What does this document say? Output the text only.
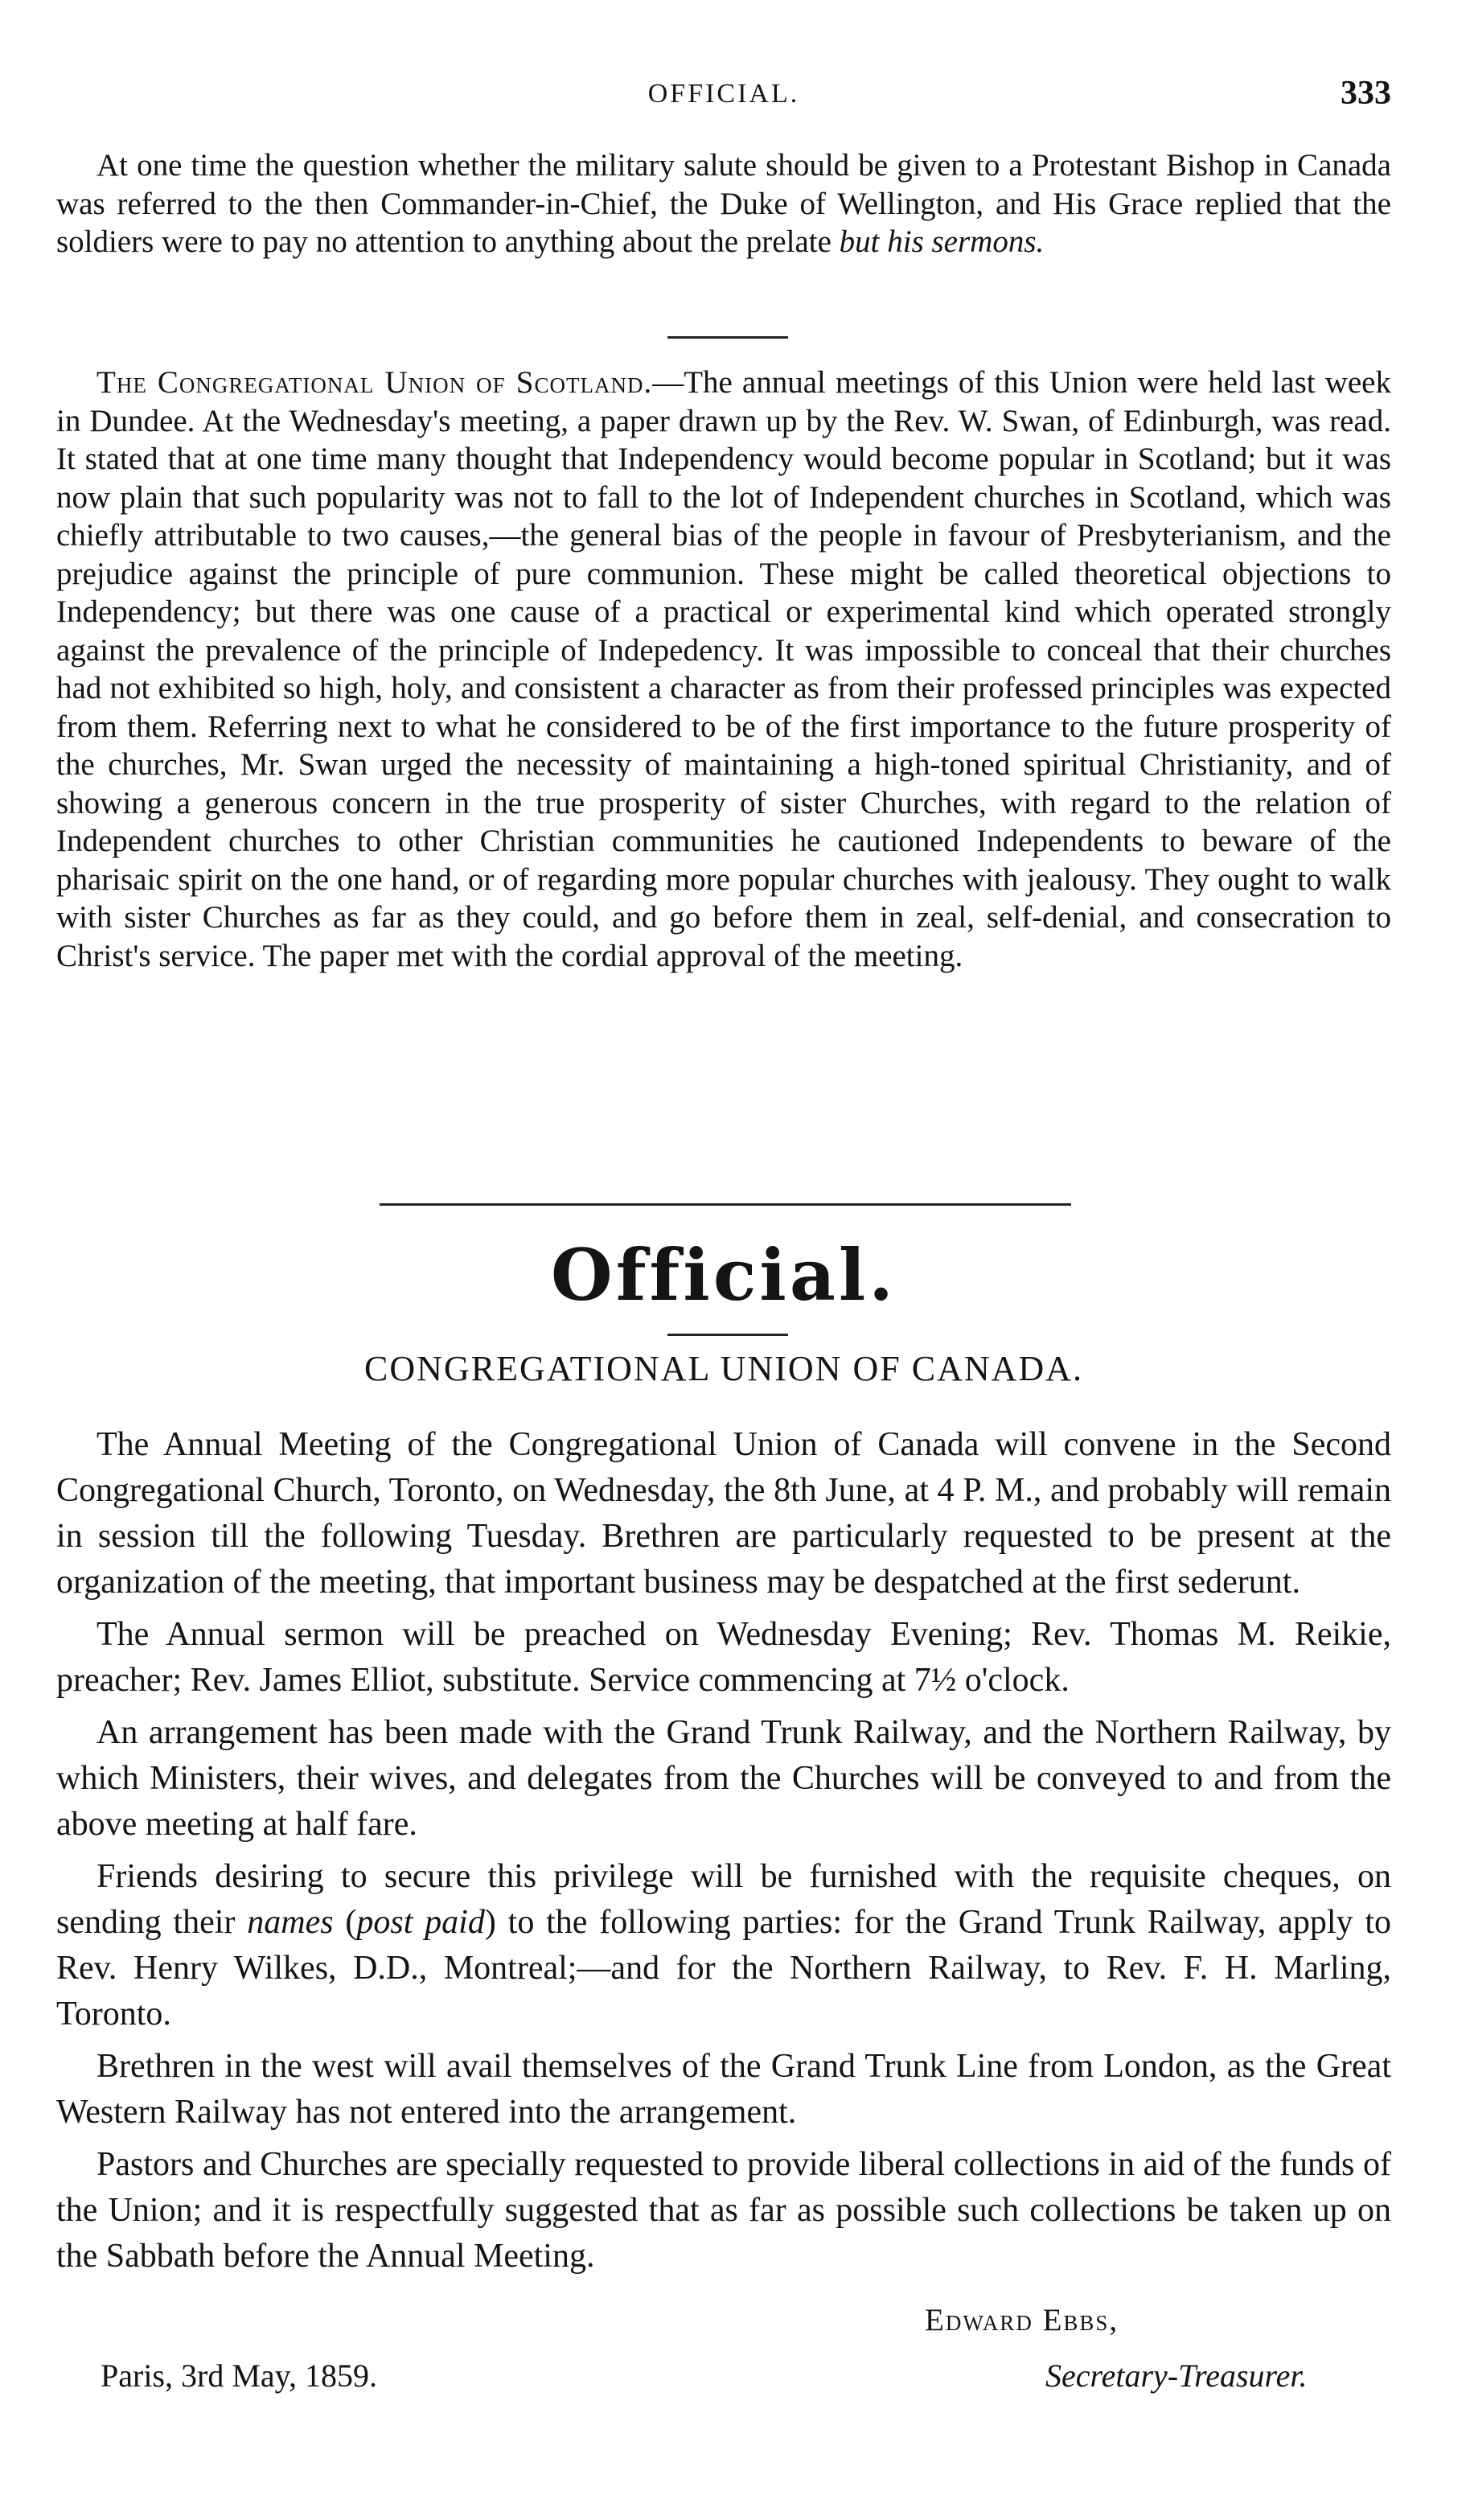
OFFICIAL.	333

At one time the question whether the military salute should be given to a Protestant Bishop in Canada was referred to the then Commander-in-Chief, the Duke of Wellington, and His Grace replied that the soldiers were to pay no attention to anything about the prelate but his sermons.

The Congregational Union of Scotland.—The annual meetings of this Union were held last week in Dundee. At the Wednesday's meeting, a paper drawn up by the Rev. W. Swan, of Edinburgh, was read. It stated that at one time many thought that Independency would become popular in Scotland; but it was now plain that such popularity was not to fall to the lot of Independent churches in Scotland, which was chiefly attributable to two causes,—the general bias of the people in favour of Presbyterianism, and the prejudice against the principle of pure communion. These might be called theoretical objections to Independency; but there was one cause of a practical or experimental kind which operated strongly against the prevalence of the principle of Indepedency. It was impossible to conceal that their churches had not exhibited so high, holy, and consistent a character as from their professed principles was expected from them. Referring next to what he considered to be of the first importance to the future prosperity of the churches, Mr. Swan urged the necessity of maintaining a high-toned spiritual Christianity, and of showing a generous concern in the true prosperity of sister Churches, with regard to the relation of Independent churches to other Christian communities he cautioned Independents to beware of the pharisaic spirit on the one hand, or of regarding more popular churches with jealousy. They ought to walk with sister Churches as far as they could, and go before them in zeal, self-denial, and consecration to Christ's service. The paper met with the cordial approval of the meeting.

Official.
CONGREGATIONAL UNION OF CANADA.

The Annual Meeting of the Congregational Union of Canada will convene in the Second Congregational Church, Toronto, on Wednesday, the 8th June, at 4 P. M., and probably will remain in session till the following Tuesday. Brethren are particularly requested to be present at the organization of the meeting, that important business may be despatched at the first sederunt.

The Annual sermon will be preached on Wednesday Evening; Rev. Thomas M. Reikie, preacher; Rev. James Elliot, substitute. Service commencing at 7½ o'clock.

An arrangement has been made with the Grand Trunk Railway, and the Northern Railway, by which Ministers, their wives, and delegates from the Churches will be conveyed to and from the above meeting at half fare.

Friends desiring to secure this privilege will be furnished with the requisite cheques, on sending their names (post paid) to the following parties: for the Grand Trunk Railway, apply to Rev. Henry Wilkes, D.D., Montreal;—and for the Northern Railway, to Rev. F. H. Marling, Toronto.

Brethren in the west will avail themselves of the Grand Trunk Line from London, as the Great Western Railway has not entered into the arrangement.

Pastors and Churches are specially requested to provide liberal collections in aid of the funds of the Union; and it is respectfully suggested that as far as possible such collections be taken up on the Sabbath before the Annual Meeting.

Edward Ebbs,
Paris, 3rd May, 1859.	Secretary-Treasurer.
